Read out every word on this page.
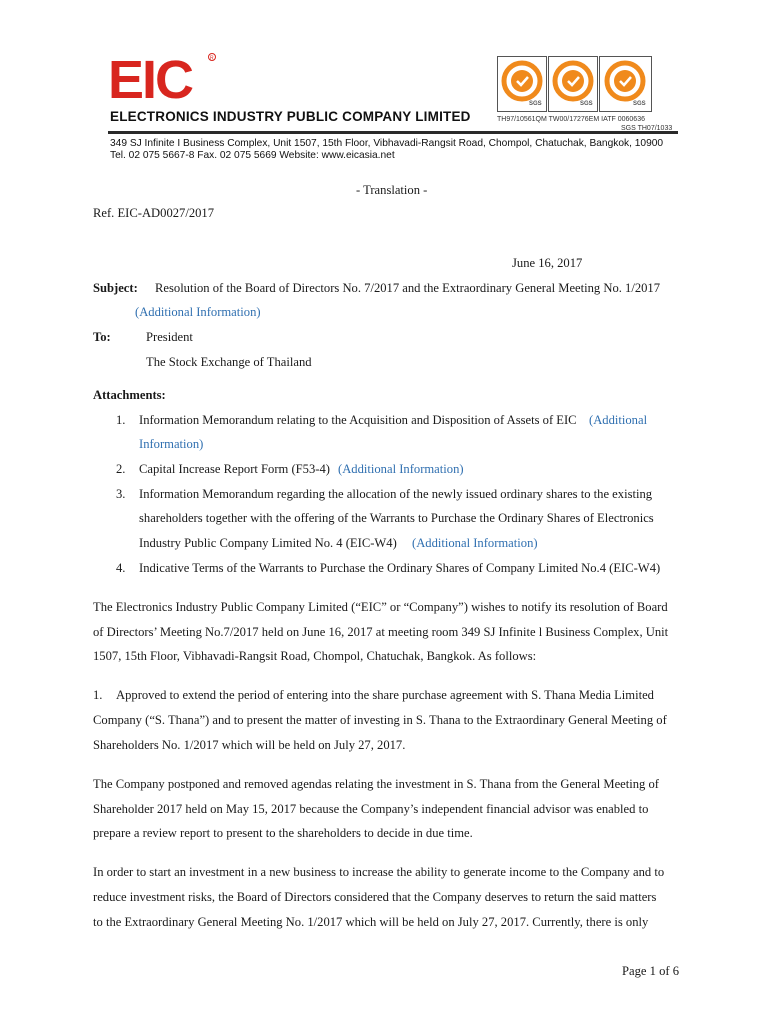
EIC	R
ELECTRONICS INDUSTRY PUBLIC COMPANY LIMITED
349 SJ Infinite I Business Complex, Unit 1507, 15th Floor, Vibhavadi-Rangsit Road, Chompol, Chatuchak, Bangkok, 10900
Tel. 02 075 5667-8 Fax. 02 075 5669 Website: www.eicasia.net
SGS	SGS	SGS
TH97/10561QM TW00/17276EM IATF 0060636
SGS TH07/1033
- Translation -
Ref. EIC-AD0027/2017
June 16, 2017
Subject: Resolution of the Board of Directors No. 7/2017 and the Extraordinary General Meeting No. 1/2017
(Additional Information)
To:	President
The Stock Exchange of Thailand
Attachments:
1. Information Memorandum relating to the Acquisition and Disposition of Assets of EIC (Additional
Information)
2. Capital Increase Report Form (F53-4) (Additional Information)
3. Information Memorandum regarding the allocation of the newly issued ordinary shares to the existing
shareholders together with the offering of the Warrants to Purchase the Ordinary Shares of Electronics
Industry Public Company Limited No. 4 (EIC-W4) (Additional Information)
4. Indicative Terms of the Warrants to Purchase the Ordinary Shares of Company Limited No.4 (EIC-W4)
The Electronics Industry Public Company Limited (“EIC” or “Company”) wishes to notify its resolution of Board
of Directors’ Meeting No.7/2017 held on June 16, 2017 at meeting room 349 SJ Infinite l Business Complex, Unit
1507, 15th Floor, Vibhavadi-Rangsit Road, Chompol, Chatuchak, Bangkok. As follows:
1. Approved to extend the period of entering into the share purchase agreement with S. Thana Media Limited
Company (“S. Thana”) and to present the matter of investing in S. Thana to the Extraordinary General Meeting of
Shareholders No. 1/2017 which will be held on July 27, 2017.
The Company postponed and removed agendas relating the investment in S. Thana from the General Meeting of
Shareholder 2017 held on May 15, 2017 because the Company’s independent financial advisor was enabled to
prepare a review report to present to the shareholders to decide in due time.
In order to start an investment in a new business to increase the ability to generate income to the Company and to
reduce investment risks, the Board of Directors considered that the Company deserves to return the said matters
to the Extraordinary General Meeting No. 1/2017 which will be held on July 27, 2017. Currently, there is only
Page 1 of 6
